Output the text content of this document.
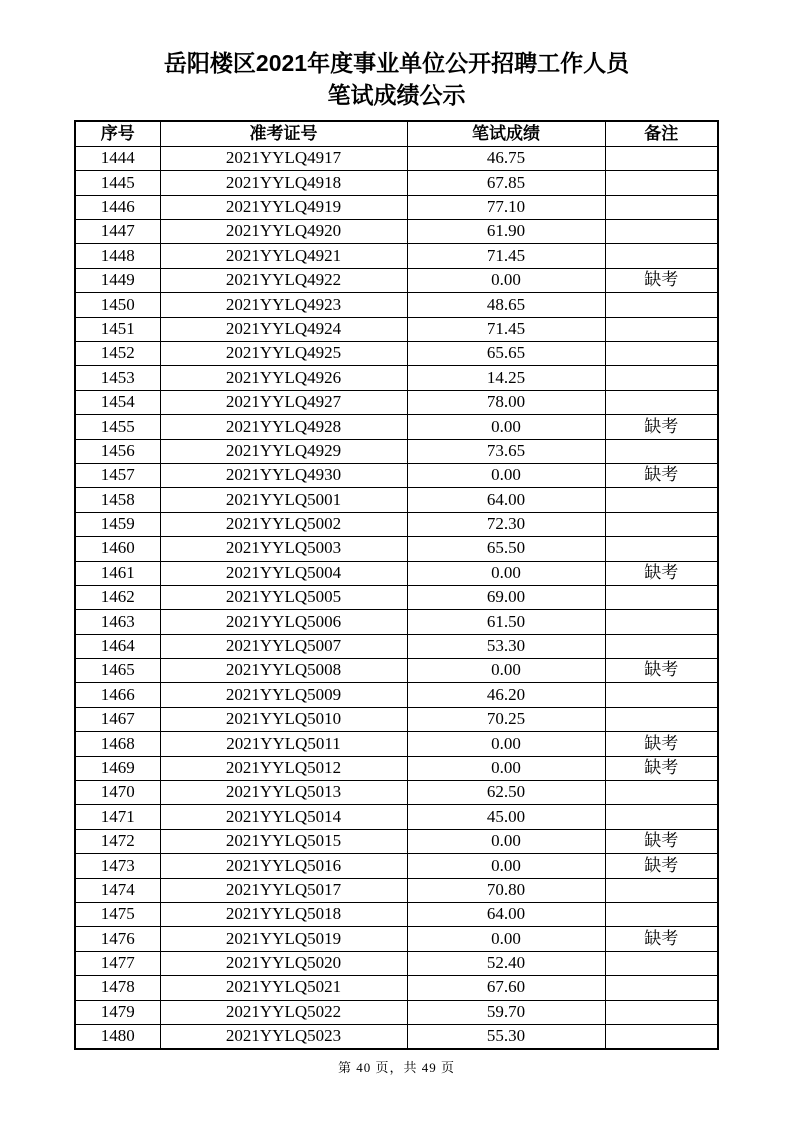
岳阳楼区2021年度事业单位公开招聘工作人员
笔试成绩公示
序号	准考证号	笔试成绩	备注
1444	2021YYLQ4917	46.75	
1445	2021YYLQ4918	67.85	
1446	2021YYLQ4919	77.10	
1447	2021YYLQ4920	61.90	
1448	2021YYLQ4921	71.45	
1449	2021YYLQ4922	0.00	缺考
1450	2021YYLQ4923	48.65	
1451	2021YYLQ4924	71.45	
1452	2021YYLQ4925	65.65	
1453	2021YYLQ4926	14.25	
1454	2021YYLQ4927	78.00	
1455	2021YYLQ4928	0.00	缺考
1456	2021YYLQ4929	73.65	
1457	2021YYLQ4930	0.00	缺考
1458	2021YYLQ5001	64.00	
1459	2021YYLQ5002	72.30	
1460	2021YYLQ5003	65.50	
1461	2021YYLQ5004	0.00	缺考
1462	2021YYLQ5005	69.00	
1463	2021YYLQ5006	61.50	
1464	2021YYLQ5007	53.30	
1465	2021YYLQ5008	0.00	缺考
1466	2021YYLQ5009	46.20	
1467	2021YYLQ5010	70.25	
1468	2021YYLQ5011	0.00	缺考
1469	2021YYLQ5012	0.00	缺考
1470	2021YYLQ5013	62.50	
1471	2021YYLQ5014	45.00	
1472	2021YYLQ5015	0.00	缺考
1473	2021YYLQ5016	0.00	缺考
1474	2021YYLQ5017	70.80	
1475	2021YYLQ5018	64.00	
1476	2021YYLQ5019	0.00	缺考
1477	2021YYLQ5020	52.40	
1478	2021YYLQ5021	67.60	
1479	2021YYLQ5022	59.70	
1480	2021YYLQ5023	55.30	
第 40 页，共 49 页
